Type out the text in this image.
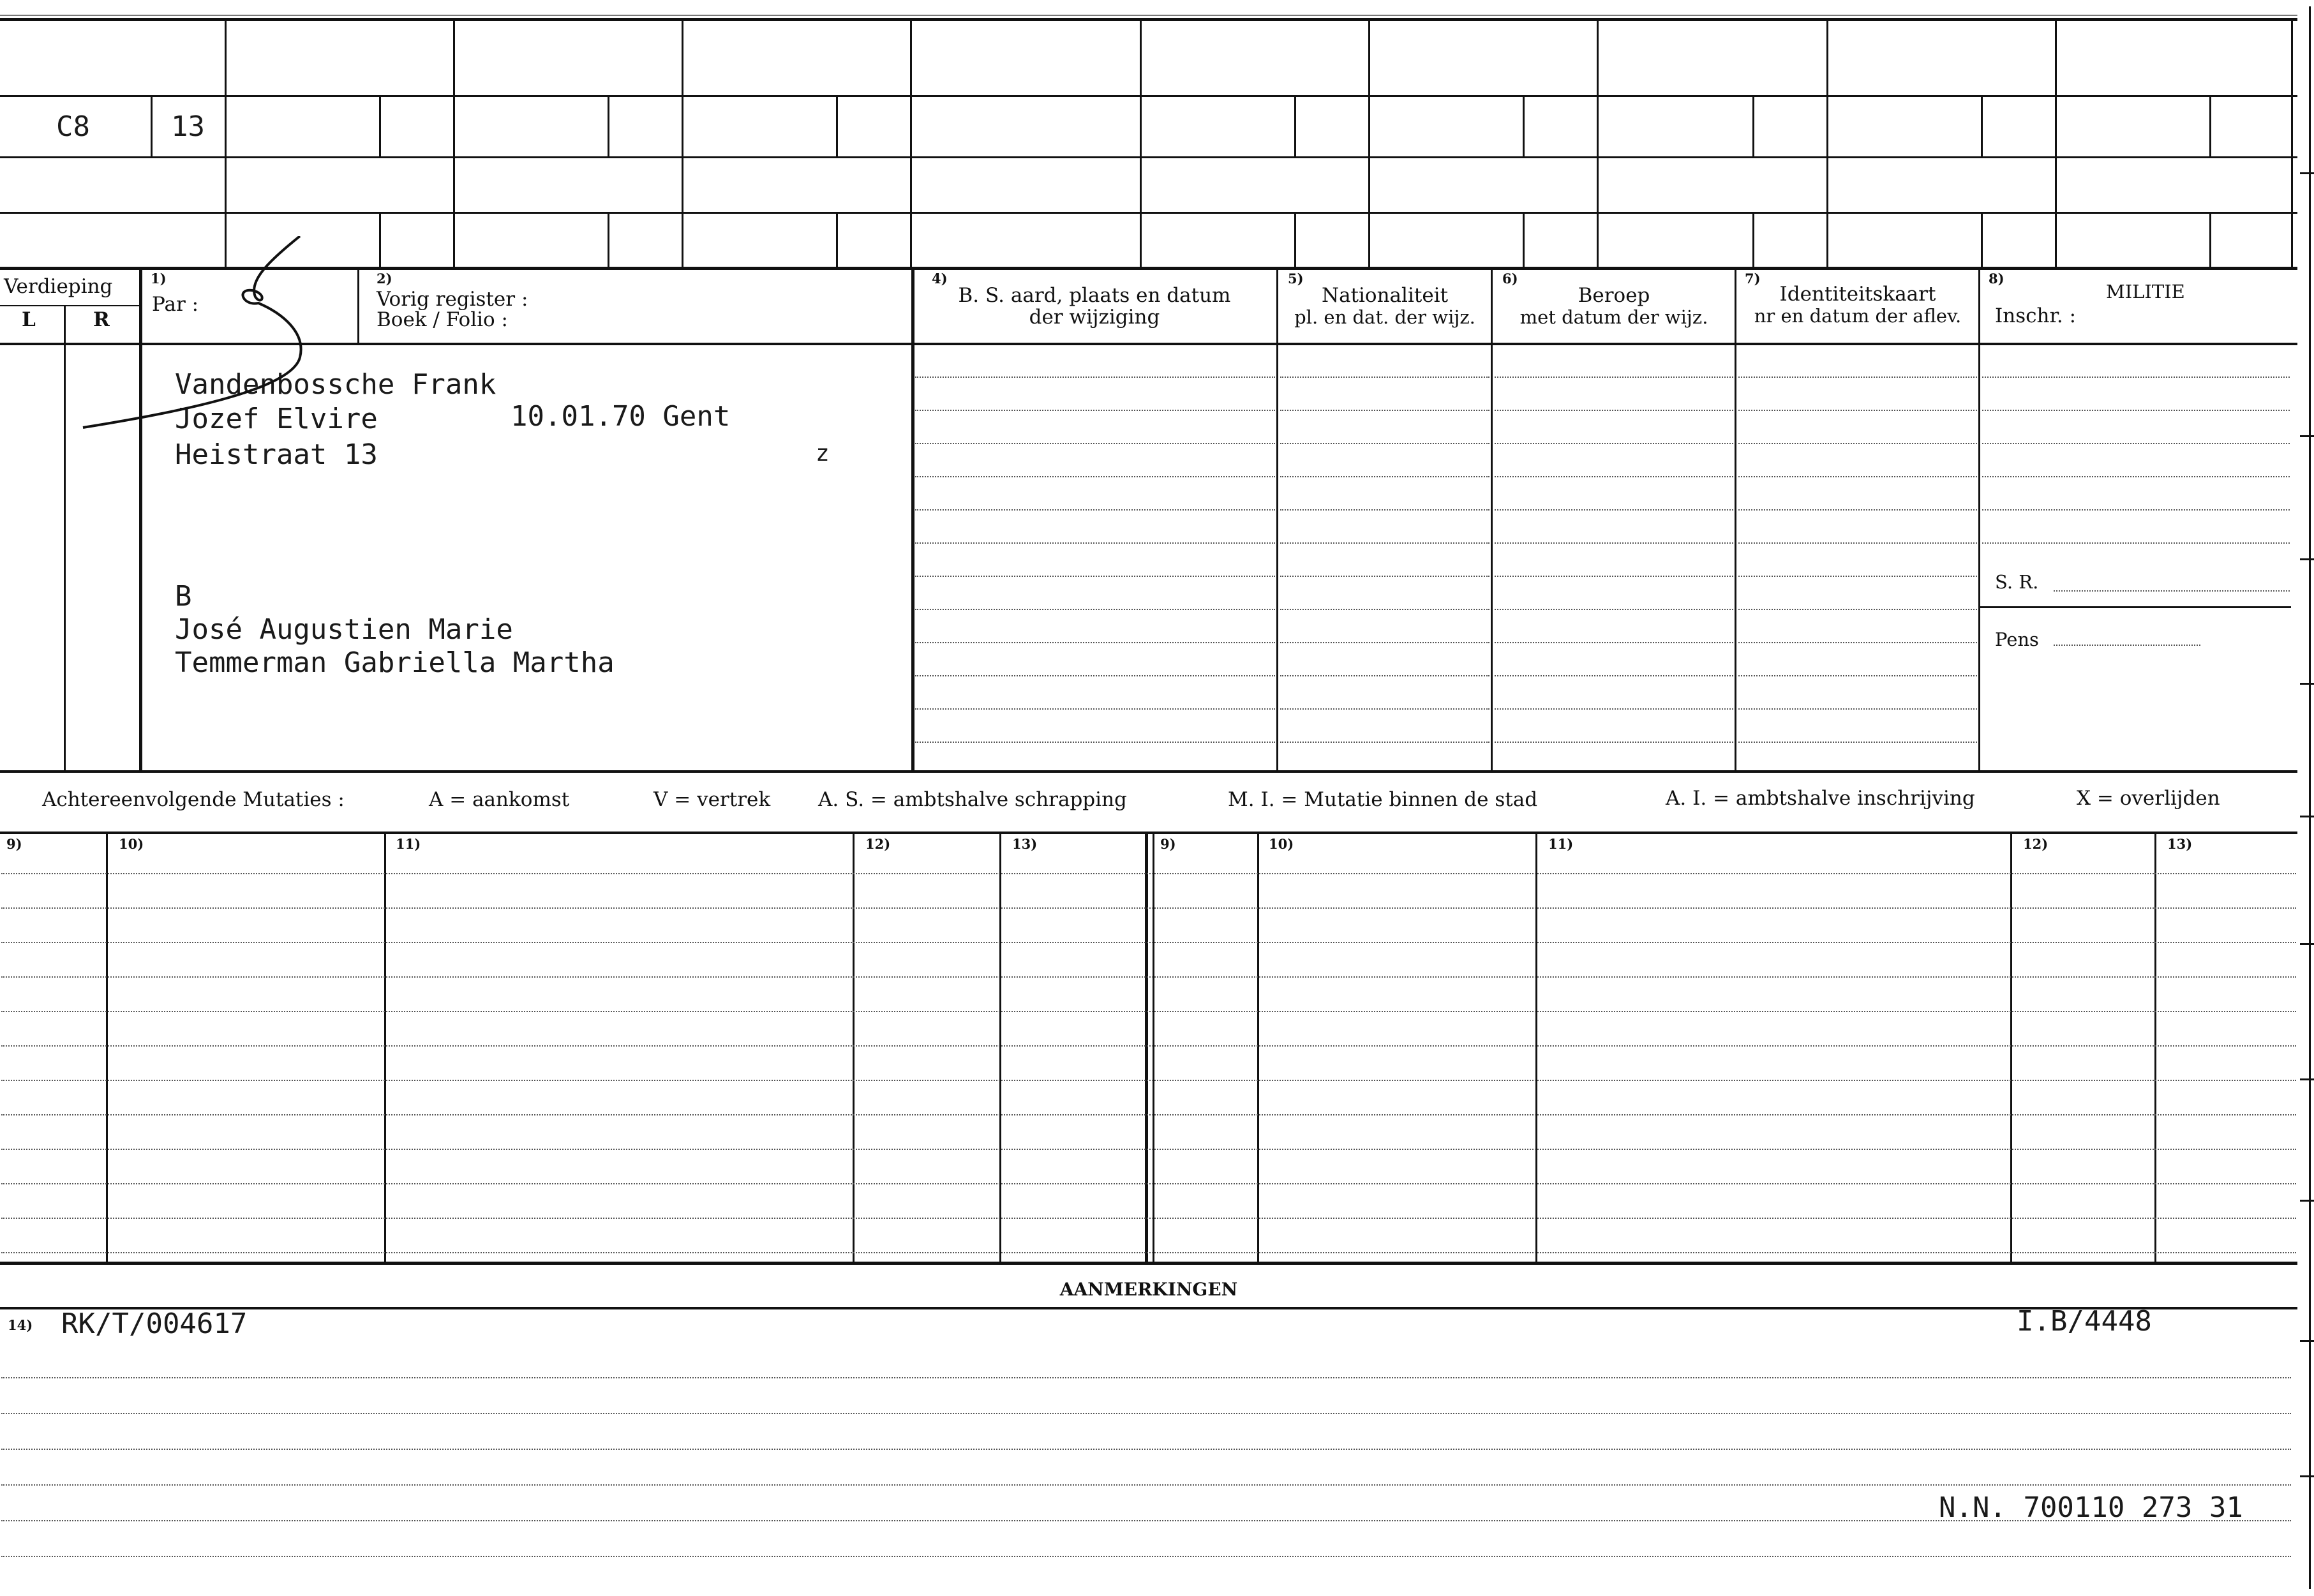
C8	13
Verdieping
L	R
1)
Par :
2)
Vorig register :
Boek / Folio :
4)
B. S. aard, plaats en datum
der wijziging
5)
Nationaliteit
pl. en dat. der wijz.
6)
Beroep
met datum der wijz.
7)
Identiteitskaart
nr en datum der aflev.
8)
MILITIE
Inschr. :
S. R.
Pens
Vandenbossche Frank
Jozef Elvire	10.01.70 Gent
Heistraat 13	z
B
José Augustien Marie
Temmerman Gabriella Martha
Achtereenvolgende Mutaties :	A = aankomst	V = vertrek A. S. = ambtshalve schrapping	M. I. = Mutatie binnen de stad	A. I. = ambtshalve inschrijving	X = overlijden
9)	10)	11)	12)	13)	9)	10)	11)	12)	13)
AANMERKINGEN
14) RK/T/004617	I.B/4448
N.N. 700110 273 31
